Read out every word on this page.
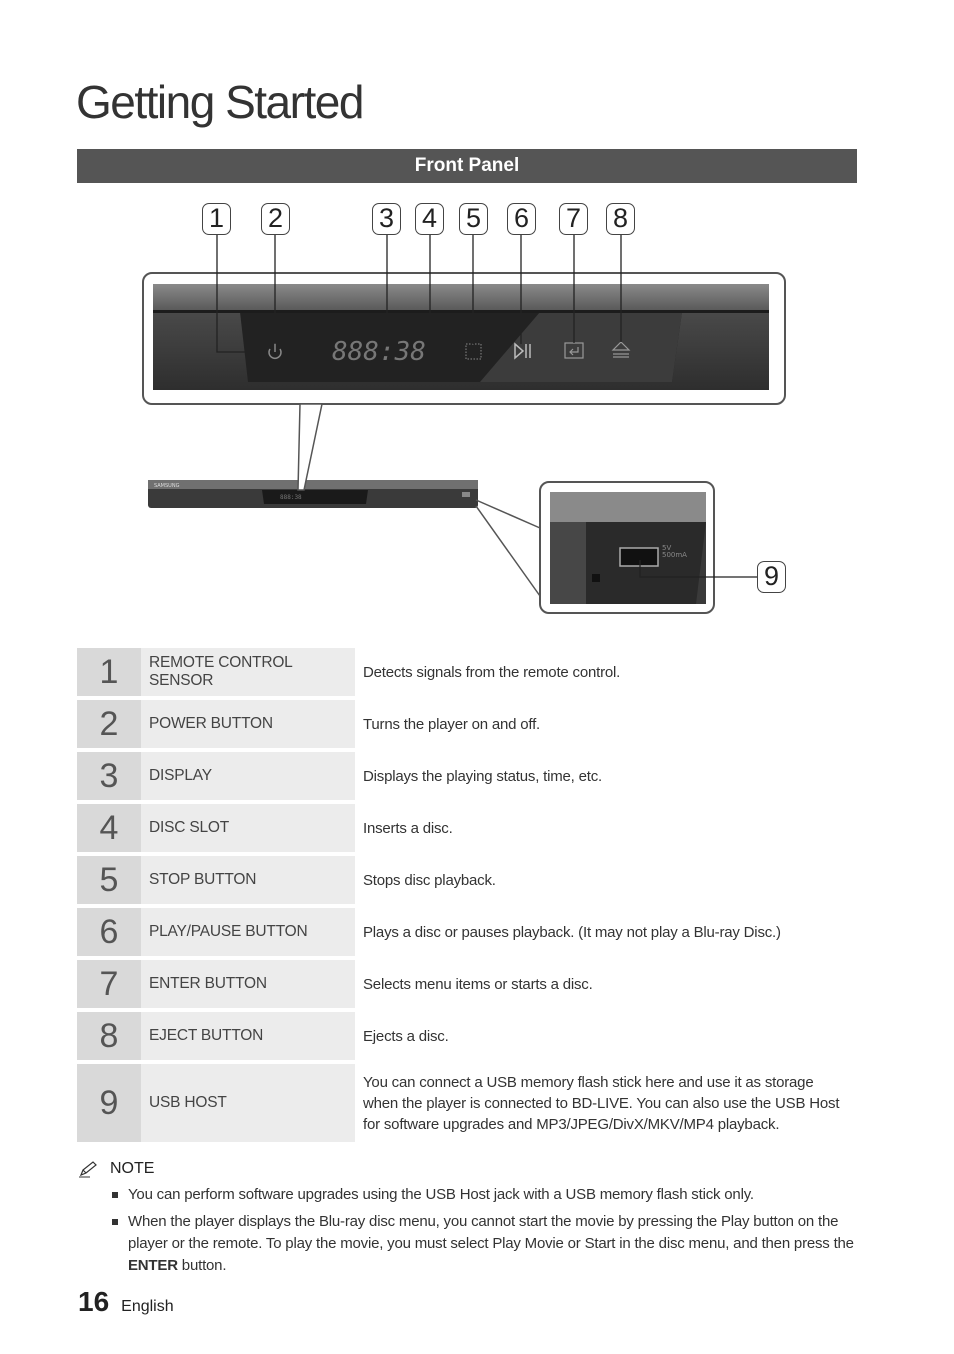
Getting Started
Front Panel
SAMSUNG
888:38
5V
500mA
888:38
1 2	3 4 5 6 7 8
9
1	REMOTE CONTROL SENSOR	Detects signals from the remote control.
2	POWER BUTTON	Turns the player on and off.
3	DISPLAY	Displays the playing status, time, etc.
4	DISC SLOT	Inserts a disc.
5	STOP BUTTON	Stops disc playback.
6	PLAY/PAUSE BUTTON	Plays a disc or pauses playback. (It may not play a Blu-ray Disc.)
7	ENTER BUTTON	Selects menu items or starts a disc.
8	EJECT BUTTON	Ejects a disc.
9	USB HOST	You can connect a USB memory flash stick here and use it as storage when the player is connected to BD-LIVE. You can also use the USB Host for software upgrades and MP3/JPEG/DivX/MKV/MP4 playback.
NOTE
You can perform software upgrades using the USB Host jack with a USB memory flash stick only.
When the player displays the Blu-ray disc menu, you cannot start the movie by pressing the Play button on the player or the remote. To play the movie, you must select Play Movie or Start in the disc menu, and then press the ENTER button.
16 English
